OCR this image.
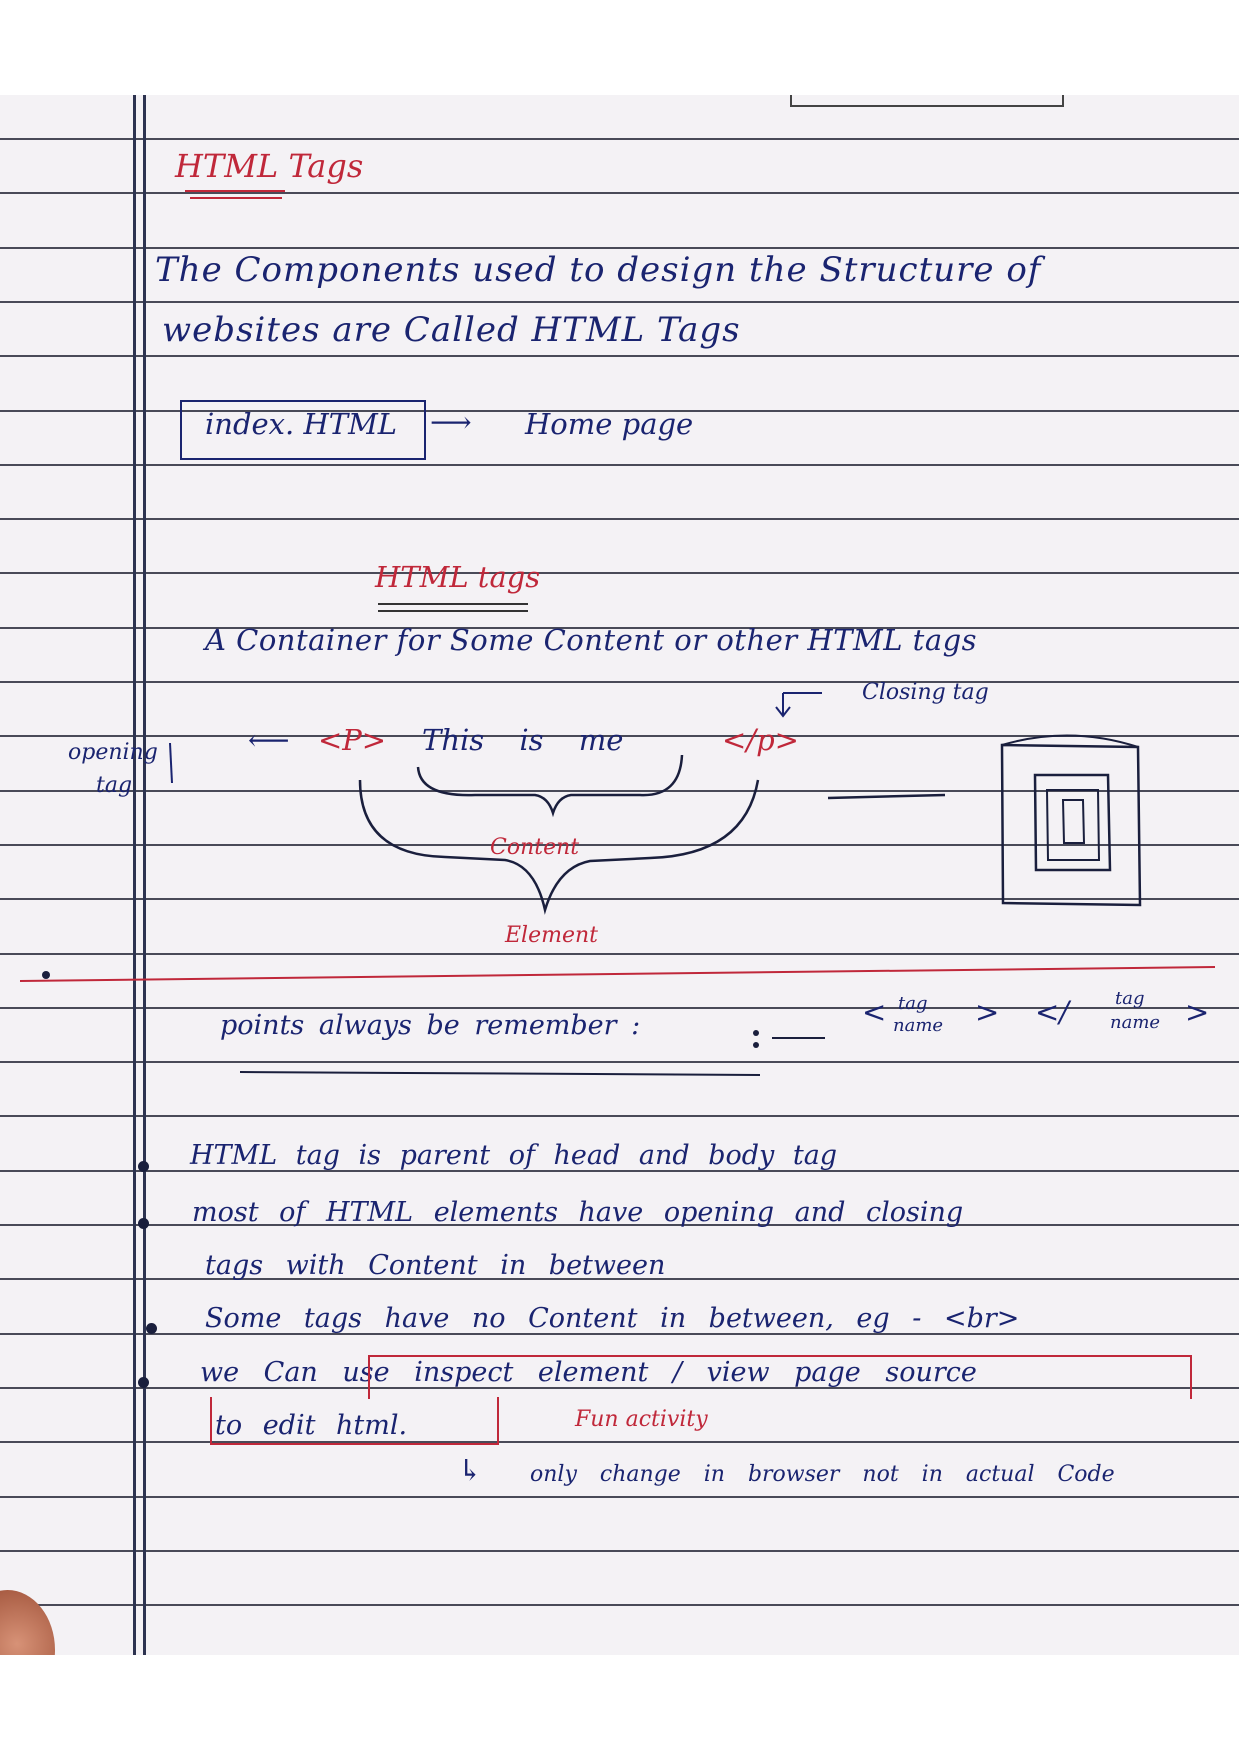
HTML Tags
The Components used to design the Structure of
websites are Called HTML Tags
index. HTML ⟶ Home page
HTML tags
A Container for Some Content or other HTML tags
opening
tag
⟵ <P> This is me	</p>
Closing tag
Content
Element
points always be remember :	< tag
name > </	tag
name >
HTML tag is parent of head and body tag
most of HTML elements have opening and closing
tags with Content in between
Some tags have no Content in between, eg - <br>
we Can use inspect element / view page source
to edit html.	Fun activity
↳ only change in browser not in actual Code
